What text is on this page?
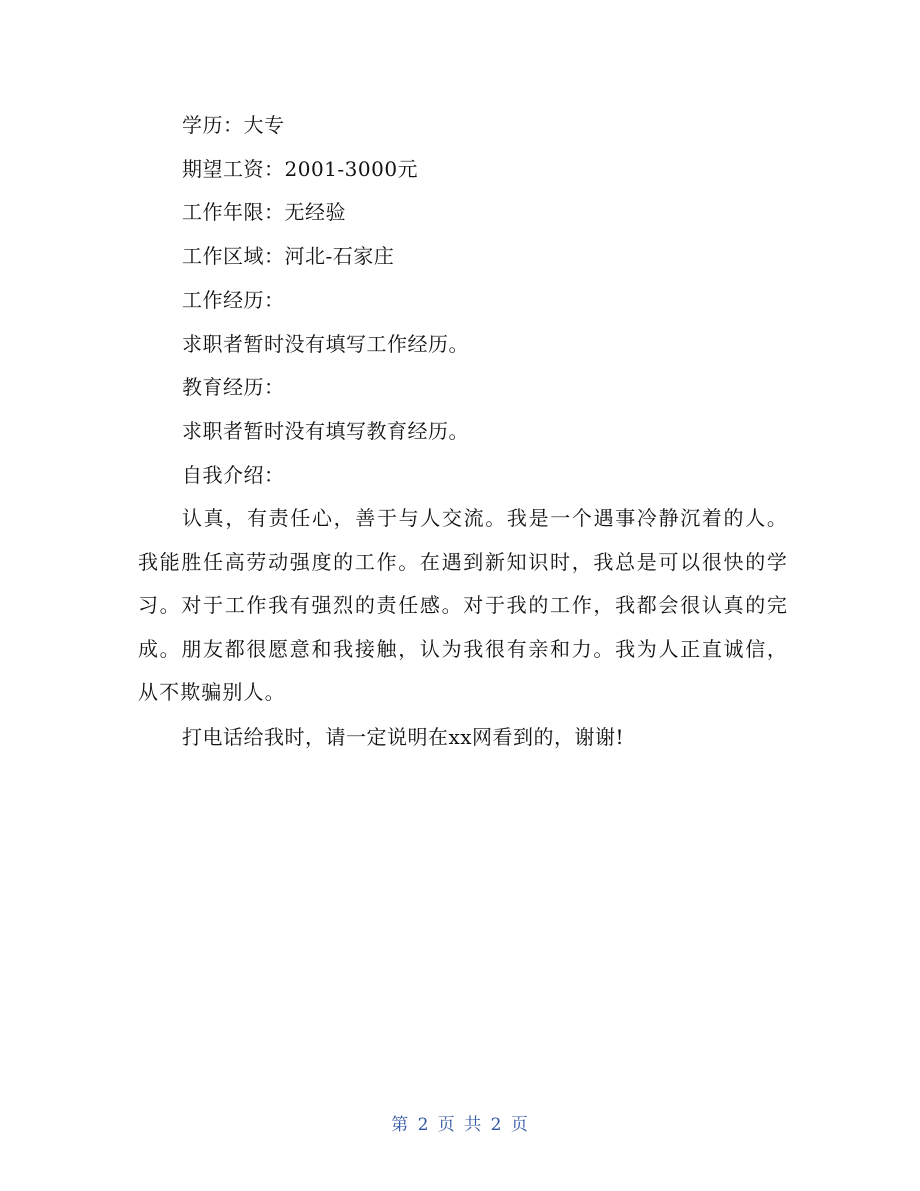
学历：大专
期望工资：2001-3000元
工作年限：无经验
工作区域：河北-石家庄
工作经历：
求职者暂时没有填写工作经历。
教育经历：
求职者暂时没有填写教育经历。
自我介绍：
认真，有责任心，善于与人交流。我是一个遇事冷静沉着的人。我能胜任高劳动强度的工作。在遇到新知识时，我总是可以很快的学习。对于工作我有强烈的责任感。对于我的工作，我都会很认真的完成。朋友都很愿意和我接触，认为我很有亲和力。我为人正直诚信，从不欺骗别人。
打电话给我时，请一定说明在xx网看到的，谢谢!
第 2 页 共 2 页
